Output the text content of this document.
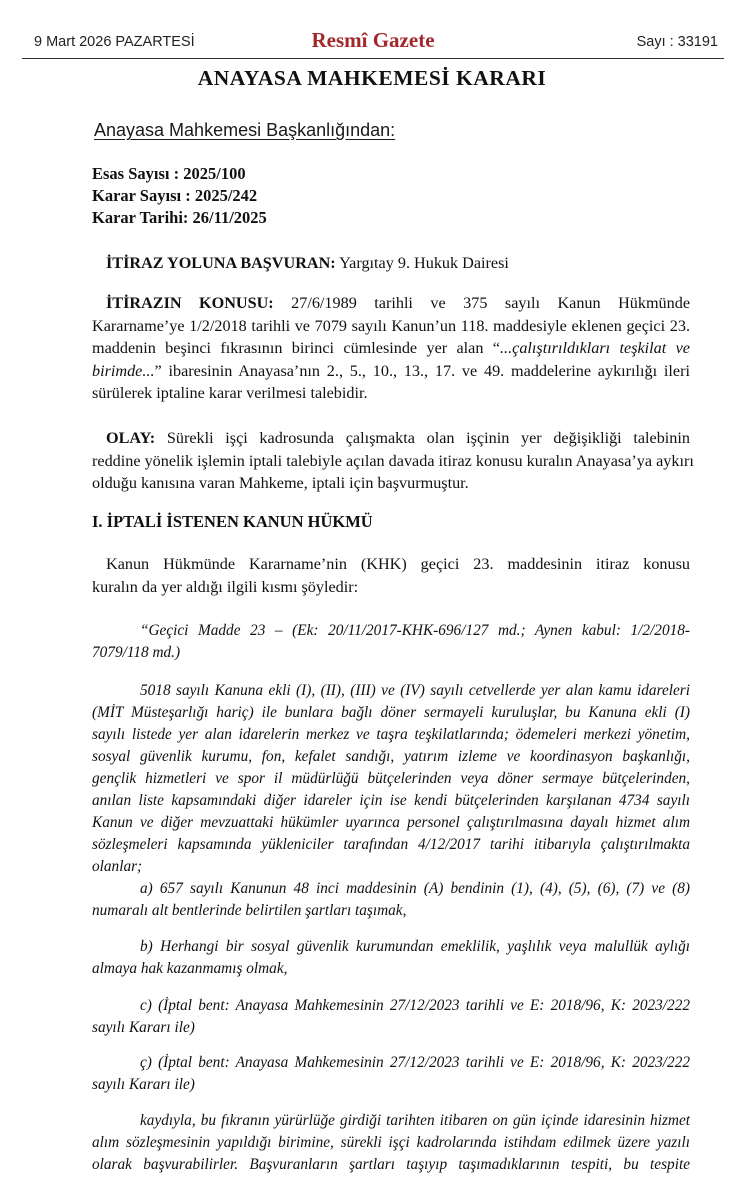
9 Mart 2026 PAZARTESİ	Resmî Gazete	Sayı : 33191
ANAYASA MAHKEMESİ KARARI
Anayasa Mahkemesi Başkanlığından:
Esas Sayısı : 2025/100
Karar Sayısı : 2025/242
Karar Tarihi: 26/11/2025
İTİRAZ YOLUNA BAŞVURAN: Yargıtay 9. Hukuk Dairesi
İTİRAZIN KONUSU: 27/6/1989 tarihli ve 375 sayılı Kanun Hükmünde
Kararname’ye 1/2/2018 tarihli ve 7079 sayılı Kanun’un 118. maddesiyle eklenen geçici 23.
maddenin beşinci fıkrasının birinci cümlesinde yer alan “...çalıştırıldıkları teşkilat ve
birimde...” ibaresinin Anayasa’nın 2., 5., 10., 13., 17. ve 49. maddelerine aykırılığı ileri
sürülerek iptaline karar verilmesi talebidir.
OLAY: Sürekli işçi kadrosunda çalışmakta olan işçinin yer değişikliği talebinin
reddine yönelik işlemin iptali talebiyle açılan davada itiraz konusu kuralın Anayasa’ya aykırı
olduğu kanısına varan Mahkeme, iptali için başvurmuştur.
I. İPTALİ İSTENEN KANUN HÜKMÜ
Kanun Hükmünde Kararname’nin (KHK) geçici 23. maddesinin itiraz konusu
kuralın da yer aldığı ilgili kısmı şöyledir:
“Geçici Madde 23 – (Ek: 20/11/2017-KHK-696/127 md.; Aynen kabul: 1/2/2018-
7079/118 md.)
5018 sayılı Kanuna ekli (I), (II), (III) ve (IV) sayılı cetvellerde yer alan kamu idareleri
(MİT Müsteşarlığı hariç) ile bunlara bağlı döner sermayeli kuruluşlar, bu Kanuna ekli (I)
sayılı listede yer alan idarelerin merkez ve taşra teşkilatlarında; ödemeleri merkezi yönetim,
sosyal güvenlik kurumu, fon, kefalet sandığı, yatırım izleme ve koordinasyon başkanlığı,
gençlik hizmetleri ve spor il müdürlüğü bütçelerinden veya döner sermaye bütçelerinden,
anılan liste kapsamındaki diğer idareler için ise kendi bütçelerinden karşılanan 4734 sayılı
Kanun ve diğer mevzuattaki hükümler uyarınca personel çalıştırılmasına dayalı hizmet alım
sözleşmeleri kapsamında yükleniciler tarafından 4/12/2017 tarihi itibarıyla çalıştırılmakta
olanlar;
a) 657 sayılı Kanunun 48 inci maddesinin (A) bendinin (1), (4), (5), (6), (7) ve (8)
numaralı alt bentlerinde belirtilen şartları taşımak,
b) Herhangi bir sosyal güvenlik kurumundan emeklilik, yaşlılık veya malullük aylığı
almaya hak kazanmamış olmak,
c) (İptal bent: Anayasa Mahkemesinin 27/12/2023 tarihli ve E: 2018/96, K: 2023/222
sayılı Kararı ile)
ç) (İptal bent: Anayasa Mahkemesinin 27/12/2023 tarihli ve E: 2018/96, K: 2023/222
sayılı Kararı ile)
kaydıyla, bu fıkranın yürürlüğe girdiği tarihten itibaren on gün içinde idaresinin hizmet
alım sözleşmesinin yapıldığı birimine, sürekli işçi kadrolarında istihdam edilmek üzere yazılı
olarak başvurabilirler. Başvuranların şartları taşıyıp taşımadıklarının tespiti, bu tespite
